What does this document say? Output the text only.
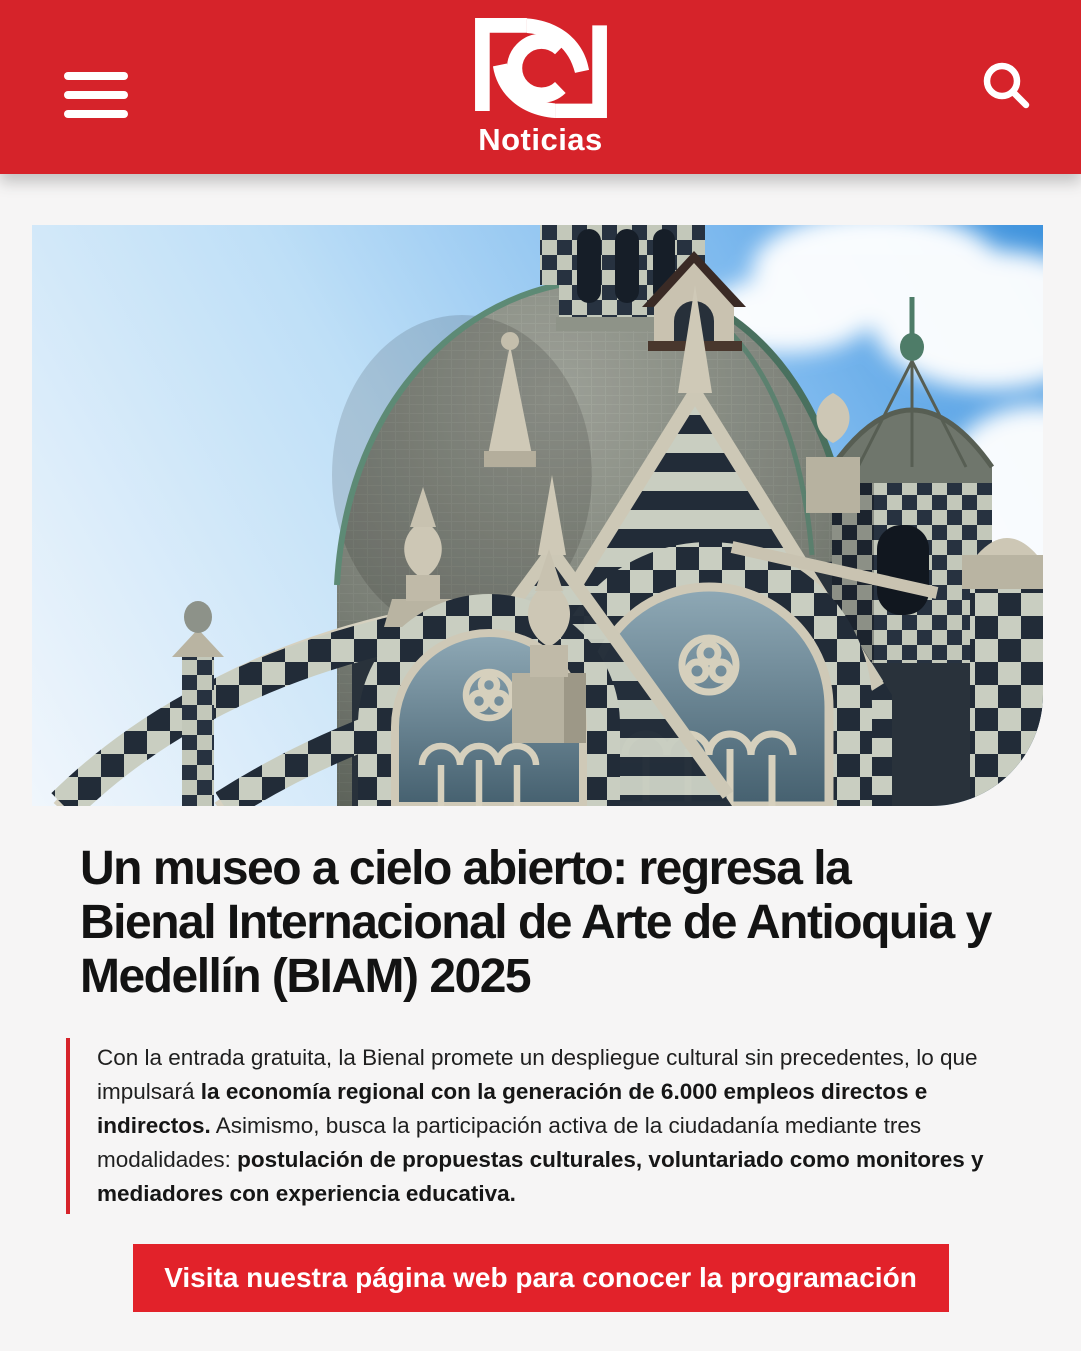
Noticias
Un museo a cielo abierto: regresa la Bienal Internacional de Arte de Antioquia y Medellín (BIAM) 2025

Con la entrada gratuita, la Bienal promete un despliegue cultural sin precedentes, lo que impulsará la economía regional con la generación de 6.000 empleos directos e indirectos. Asimismo, busca la participación activa de la ciudadanía mediante tres modalidades: postulación de propuestas culturales, voluntariado como monitores y mediadores con experiencia educativa.

Visita nuestra página web para conocer la programación
